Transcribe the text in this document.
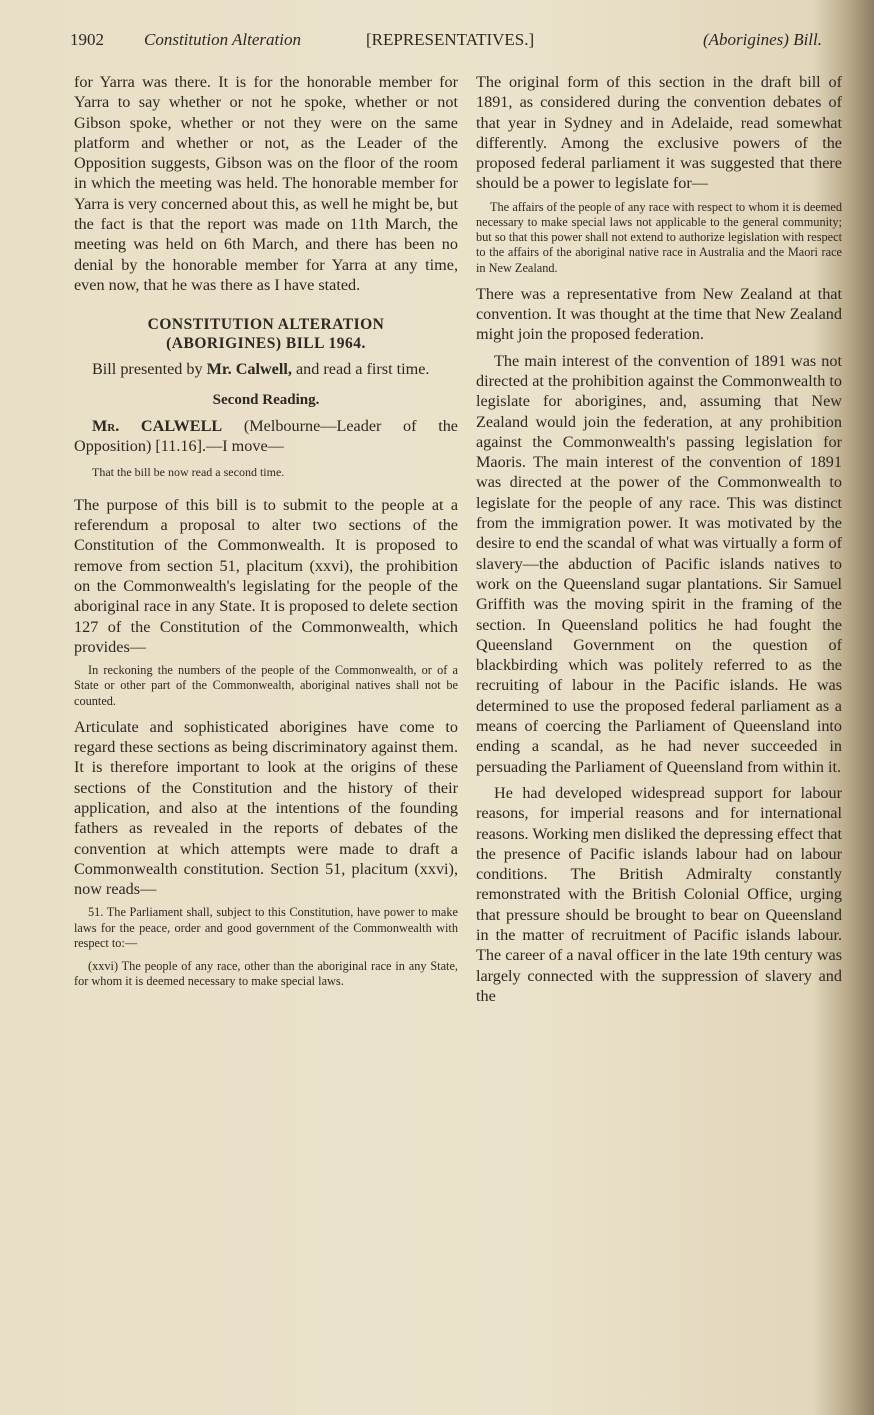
1902 Constitution Alteration	[REPRESENTATIVES.]	(Aborigines) Bill.

for Yarra was there. It is for the honorable member for Yarra to say whether or not he spoke, whether or not Gibson spoke, whether or not they were on the same platform and whether or not, as the Leader of the Opposition suggests, Gibson was on the floor of the room in which the meeting was held. The honorable member for Yarra is very concerned about this, as well he might be, but the fact is that the report was made on 11th March, the meeting was held on 6th March, and there has been no denial by the honorable member for Yarra at any time, even now, that he was there as I have stated.

CONSTITUTION ALTERATION
(ABORIGINES) BILL 1964.

Bill presented by Mr. Calwell, and read a first time.

Second Reading.

Mr. CALWELL (Melbourne—Leader of the Opposition) [11.16].—I move—

That the bill be now read a second time.

The purpose of this bill is to submit to the people at a referendum a proposal to alter two sections of the Constitution of the Commonwealth. It is proposed to remove from section 51, placitum (xxvi), the prohibition on the Commonwealth's legislating for the people of the aboriginal race in any State. It is proposed to delete section 127 of the Constitution of the Commonwealth, which provides—

In reckoning the numbers of the people of the Commonwealth, or of a State or other part of the Commonwealth, aboriginal natives shall not be counted.

Articulate and sophisticated aborigines have come to regard these sections as being discriminatory against them. It is therefore important to look at the origins of these sections of the Constitution and the history of their application, and also at the intentions of the founding fathers as revealed in the reports of debates of the convention at which attempts were made to draft a Commonwealth constitution. Section 51, placitum (xxvi), now reads—

51. The Parliament shall, subject to this Constitution, have power to make laws for the peace, order and good government of the Commonwealth with respect to:—
(xxvi) The people of any race, other than the aboriginal race in any State, for whom it is deemed necessary to make special laws.

The original form of this section in the draft bill of 1891, as considered during the convention debates of that year in Sydney and in Adelaide, read somewhat differently. Among the exclusive powers of the proposed federal parliament it was suggested that there should be a power to legislate for—

The affairs of the people of any race with respect to whom it is deemed necessary to make special laws not applicable to the general community; but so that this power shall not extend to authorize legislation with respect to the affairs of the aboriginal native race in Australia and the Maori race in New Zealand.

There was a representative from New Zealand at that convention. It was thought at the time that New Zealand might join the proposed federation.

The main interest of the convention of 1891 was not directed at the prohibition against the Commonwealth to legislate for aborigines, and, assuming that New Zealand would join the federation, at any prohibition against the Commonwealth's passing legislation for Maoris. The main interest of the convention of 1891 was directed at the power of the Commonwealth to legislate for the people of any race. This was distinct from the immigration power. It was motivated by the desire to end the scandal of what was virtually a form of slavery—the abduction of Pacific islands natives to work on the Queensland sugar plantations. Sir Samuel Griffith was the moving spirit in the framing of the section. In Queensland politics he had fought the Queensland Government on the question of blackbirding which was politely referred to as the recruiting of labour in the Pacific islands. He was determined to use the proposed federal parliament as a means of coercing the Parliament of Queensland into ending a scandal, as he had never succeeded in persuading the Parliament of Queensland from within it.

He had developed widespread support for labour reasons, for imperial reasons and for international reasons. Working men disliked the depressing effect that the presence of Pacific islands labour had on labour conditions. The British Admiralty constantly remonstrated with the British Colonial Office, urging that pressure should be brought to bear on Queensland in the matter of recruitment of Pacific islands labour. The career of a naval officer in the late 19th century was largely connected with the suppression of slavery and the
